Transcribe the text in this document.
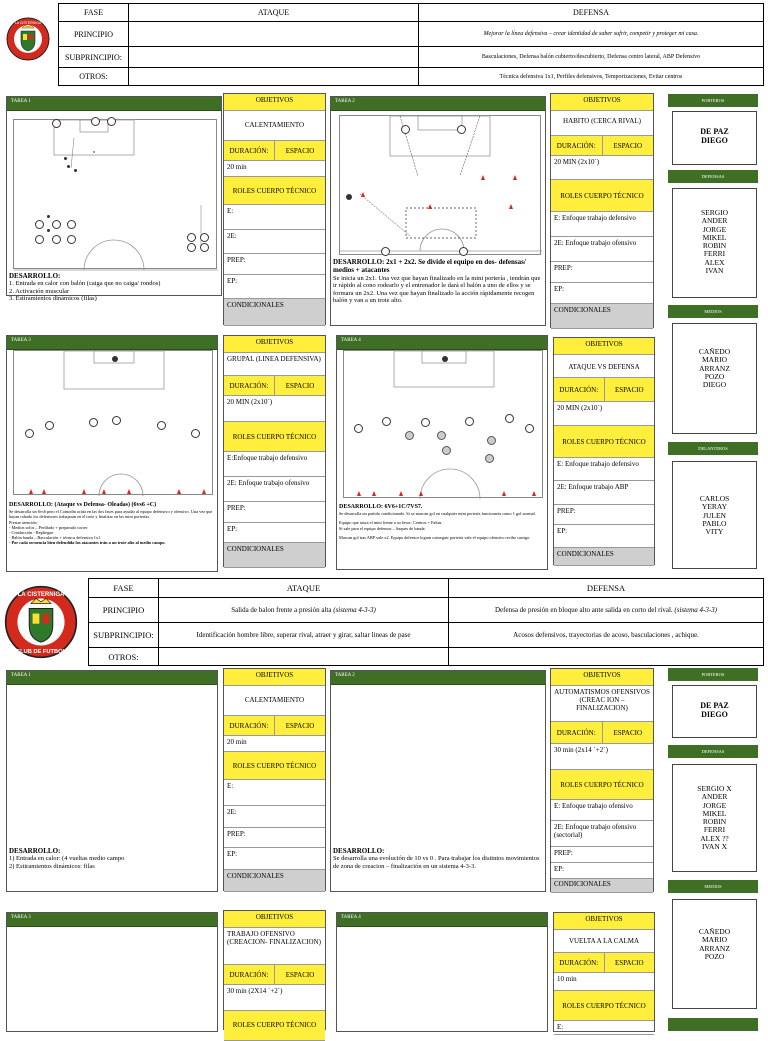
LA CISTERNIGA
FASE	ATAQUE	DEFENSA
PRINCIPIO		Mejorar la línea defensiva – crear identidad de saber sufrir, competir y proteger mi casa.
SUBPRINCIPIO:		Basculaciones, Defensa balón cubierto/descubierto, Defensa centro lateral, ABP Defensivo
OTROS:		Técnica defensiva 1x1, Perfiles defensivos, Temporizaciones, Evitar centros
TAREA 1
DESARROLLO:
1. Entrada en calor con balón (caiga que no caiga/ rondos)
2. Activación muscular
3. Estiramientos dinámicos (filas)
OBJETIVOS
CALENTAMIENTO
DURACIÓN:	ESPACIO
20 min
ROLES CUERPO TÉCNICO
E:
2E:
PREP:
EP:
CONDICIONALES
TAREA 2
DESARROLLO: 2x1 + 2x2. Se divide el equipo en dos- defensas/ medios + atacantes
Se inicia un 2x1. Una vez que hayan finalizado en la mini portería , tendrán que ir rápido al cono rodearlo y el entrenador le dará el balón a uno de ellos y se formara un 2x2. Una vez que hayan finalizado la acción rápidamente recogen balón y van a un trote alto.
OBJETIVOS
HABITO (CERCA RIVAL)
DURACIÓN:	ESPACIO
20 MIN (2x10´)
ROLES CUERPO TÉCNICO
E: Enfoque trabajo defensivo
2E: Enfoque trabajo ofensivo
PREP:
EP:
CONDICIONALES
TAREA 3
DESARROLLO: (Ataque vs Defensa- Oleadas) (6vs6 +C)
Se desarrolla un 6vs6 pero el Comodín actúa en las dos fases para ayudar al equipo defensivo y ofensivo. Una vez que hayan robado los defensores trabajaran en el trote y finalizar en las mini porterías.
Prestar atención:
- Medios solos – Perfilado + preparado correr
- Conducción - Repliegue
- Balón banda – Basculación + técnica defensiva 1x1.
- Por cada secuencia bien defendida los atacantes irán a un trote alto al medio campo.
OBJETIVOS
GRUPAL (LINEA DEFENSIVA)
DURACIÓN:	ESPACIO
20 MIN (2x10´)
ROLES CUERPO TÉCNICO
E:Enfoque trabajo defensivo
2E: Enfoque trabajo ofensivo
PREP:
EP:
CONDICIONALES
TAREA 4
DESARROLLO: 6V6+1C/7VS7.
Se desarrolla un partido condicionado. Si se marcan gol en cualquier mini portería funcionaría como 1 gol normal.
Equipo que ataca el mini frente a su favor: Centros + Faltas.
Si sale para el equipo defensor – Saques de banda
Marcan gol tras ABP vale x2. Equipo defensor logran conseguir portería vale el equipo ofensivo recibe castigo.
OBJETIVOS
ATAQUE VS DEFENSA
DURACIÓN:	ESPACIO
20 MIN (2x10´)
ROLES CUERPO TÉCNICO
E: Enfoque trabajo defensivo
2E: Enfoque trabajo ABP
PREP:
EP:
CONDICIONALES
PORTEROS
DE PAZ
DIEGO
DEFENSAS
SERGIO
ANDER
JORGE
MIKEL
ROBIN
FERRI
ALEX
IVAN
MEDIOS
CAÑEDO
MARIO
ARRANZ
POZO
DIEGO
DELANTEROS
CARLOS
YERAY
JULEN
PABLO
VITY
LA CISTERNIGA
CLUB DE FUTBOL
FASE	ATAQUE	DEFENSA
PRINCIPIO	Salida de balon frente a presión alta (sistema 4-3-3)	Defensa de presión en bloque alto ante salida en corto del rival. (sistema 4-3-3)
SUBPRINCIPIO:	Identificación hombre libre, superar rival, atraer y girar, saltar lineas de pase	Acosos defensivos, trayectorias de acoso, basculaciones , achique.
OTROS:		
TAREA 1
DESARROLLO:
1) Entrada en calor: (4 vueltas medio campo
2) Estiramientos dinámicos: filas
OBJETIVOS
CALENTAMIENTO
DURACIÓN:	ESPACIO
20 min
ROLES CUERPO TÉCNICO
E:
2E:
PREP:
EP:
CONDICIONALES
TAREA 2
DESARROLLO:
Se desarrolla una evolución de 10 vs 0 . Para trabajar los distintos movimientos de zona de creacion – finalización en un sistema 4-3-3.
OBJETIVOS
AUTOMATISMOS OFENSIVOS (CREAC ION – FINALIZACION)
DURACIÓN:	ESPACIO
30 min (2x14 ´+2´)
ROLES CUERPO TÉCNICO
E: Enfoque trabajo ofensivo
2E: Enfoque trabajo ofensivo (sectorial)
PREP:
EP:
CONDICIONALES
TAREA 3	OBJETIVOS
TRABAJO OFENSIVO (CREACION- FINALIZACION)
DURACIÓN:	ESPACIO
30 min (2X14 ´+2´)
ROLES CUERPO TÉCNICO
TAREA 4	OBJETIVOS
VUELTA A LA CALMA
DURACIÓN:	ESPACIO
10 min
ROLES CUERPO TÉCNICO
E:
PORTEROS
DE PAZ
DIEGO
DEFENSAS
SERGIO X
ANDER
JORGE
MIKEL
ROBIN
FERRI
ALEX ??
IVAN X
MEDIOS
CAÑEDO
MARIO
ARRANZ
POZO
